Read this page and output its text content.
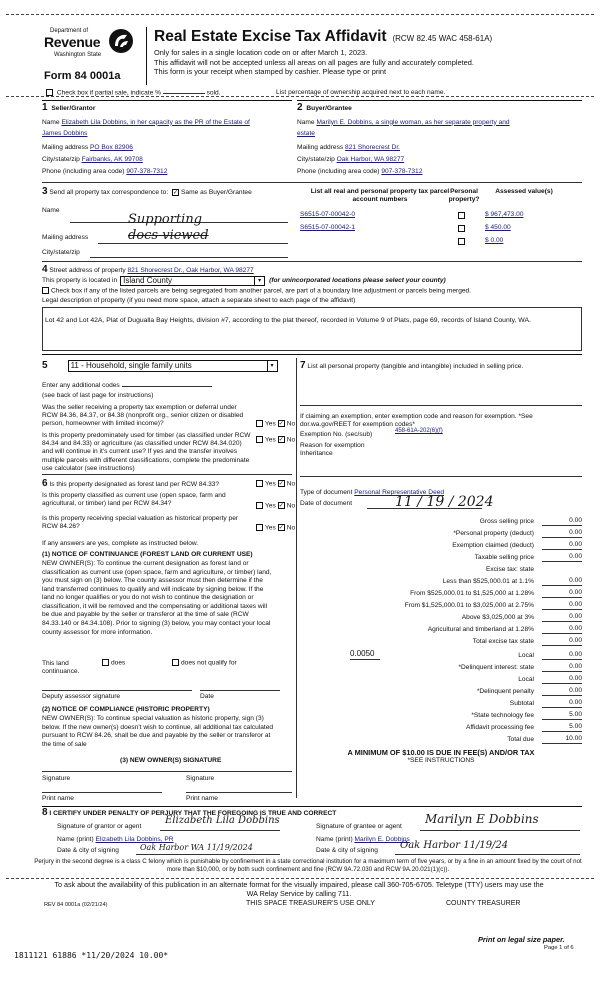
Department of
Revenue
Washington State
Form 84 0001a
Real Estate Excise Tax Affidavit (RCW 82.45 WAC 458-61A)
Only for sales in a single location code on or after March 1, 2023.
This affidavit will not be accepted unless all areas on all pages are fully and accurately completed.
This form is your receipt when stamped by cashier. Please type or print
Check box if partial sale, indicate %	sold.	List percentage of ownership acquired next to each name.
1 Seller/Grantor
Name Elizabeth Lila Dobbins, in her capacity as the PR of the Estate of
James Dobbins
Mailing address PO Box 82906
City/state/zip Fairbanks, AK 99708
Phone (including area code) 907-378-7312
2 Buyer/Grantee
Name Marilyn E. Dobbins, a single woman, as her separate property and
estate
Mailing address 821 Shorecrest Dr.
City/state/zip Oak Harbor, WA 98277
Phone (including area code) 907-378-7312
3 Send all property tax correspondence to: ✓ Same as Buyer/Grantee
Name
Mailing address
City/state/zip
Supporting
docs viewed
List all real and personal property tax parcel account numbers
Personal property?
Assessed value(s)
S6515-07-00042-0	$ 967,473.00
S6515-07-00042-1	$ 450.00
$ 0.00
4 Street address of property 821 Shorecrest Dr., Oak Harbor, WA 98277
This property is located in Island County	▾	(for unincorporated locations please select your county)
Check box if any of the listed parcels are being segregated from another parcel, are part of a boundary line adjustment or parcels being merged.
Legal description of property (if you need more space, attach a separate sheet to each page of the affidavit)
Lot 42 and Lot 42A, Plat of Dugualla Bay Heights, division #7, according to the plat thereof, recorded in Volume 9 of Plats, page 69, records of Island County, WA.
5	11 - Household, single family units	▾
Enter any additional codes
(see back of last page for instructions)
Was the seller receiving a property tax exemption or deferral under RCW 84.36, 84.37, or 84.38 (nonprofit org., senior citizen or disabled person, homeowner with limited income)?	Yes ✓ No
Is this property predominately used for timber (as classified under RCW 84.34 and 84.33) or agriculture (as classified under RCW 84.34.020) and will continue in it's current use? If yes and the transfer involves multiple parcels with different classifications, complete the predominate use calculator (see instructions)
Yes ✓ No
6 Is this property designated as forest land per RCW 84.33?	Yes ✓ No
Is this property classified as current use (open space, farm and agricultural, or timber) land per RCW 84.34?	Yes ✓ No
Is this property receiving special valuation as historical property per RCW 84.26?	Yes ✓ No
If any answers are yes, complete as instructed below.
(1) NOTICE OF CONTINUANCE (FOREST LAND OR CURRENT USE)
NEW OWNER(S): To continue the current designation as forest land or classification as current use (open space, farm and agriculture, or timber) land, you must sign on (3) below. The county assessor must then determine if the land transferred continues to qualify and will indicate by signing below. If the land no longer qualifies or you do not wish to continue the designation or classification, it will be removed and the compensating or additional taxes will be due and payable by the seller or transferor at the time of sale (RCW 84.33.140 or 84.34.108). Prior to signing (3) below, you may contact your local county assessor for more information.
This land
continuance.
does	does not qualify for
Deputy assessor signature	Date
(2) NOTICE OF COMPLIANCE (HISTORIC PROPERTY)
NEW OWNER(S): To continue special valuation as historic property, sign (3) below. If the new owner(s) doesn't wish to continue, all additional tax calculated pursuant to RCW 84.26, shall be due and payable by the seller or transferor at the time of sale
(3) NEW OWNER(S) SIGNATURE
Signature	Signature
Print name	Print name
7 List all personal property (tangible and intangible) included in selling price.
If claiming an exemption, enter exemption code and reason for exemption. *See dor.wa.gov/REET for exemption codes*
Exemption No. (sec/sub)	458-61A-202(6)(f)
Reason for exemption
Inheritance
Type of document Personal Representative Deed
Date of document	11 / 19 / 2024
Gross selling price	0.00
*Personal property (deduct)	0.00
Exemption claimed (deduct)	0.00
Taxable selling price	0.00
Excise tax: state
Less than $525,000.01 at 1.1%	0.00
From $525,000.01 to $1,525,000 at 1.28%	0.00
From $1,525,000.01 to $3,025,000 at 2.75%	0.00
Above $3,025,000 at 3%	0.00
Agricultural and timberland at 1.28%	0.00
Total excise tax state	0.00
0.0050	Local	0.00
*Delinquent interest: state	0.00
Local	0.00
*Delinquent penalty	0.00
Subtotal	0.00
*State technology fee	5.00
Affidavit processing fee	5.00
Total due	10.00
A MINIMUM OF $10.00 IS DUE IN FEE(S) AND/OR TAX
*SEE INSTRUCTIONS
8 I CERTIFY UNDER PENALTY OF PERJURY THAT THE FOREGOING IS TRUE AND CORRECT
Signature of grantor or agent
Elizabeth Lila Dobbins
Name (print) Elizabeth Lila Dobbins, PR
Date & city of signing	Oak Harbor WA 11/19/2024
Signature of grantee or agent
Marilyn E Dobbins
Name (print) Marilyn E. Dobbins
Date & city of signing Oak Harbor 11/19/24
Perjury in the second degree is a class C felony which is punishable by confinement in a state correctional institution for a maximum term of five years, or by a fine in an amount fixed by the court of not more than $10,000, or by both such confinement and fine (RCW 9A.72.030 and RCW 9A.20.021(1)(c)).
To ask about the availability of this publication in an alternate format for the visually impaired, please call 360-705-6705. Teletype (TTY) users may use the WA Relay Service by calling 711.
REV 84 0001a (02/21/24)	THIS SPACE TREASURER'S USE ONLY	COUNTY TREASURER
Print on legal size paper.
Page 1 of 6
1811121 61886 *11/20/2024 10.00*
